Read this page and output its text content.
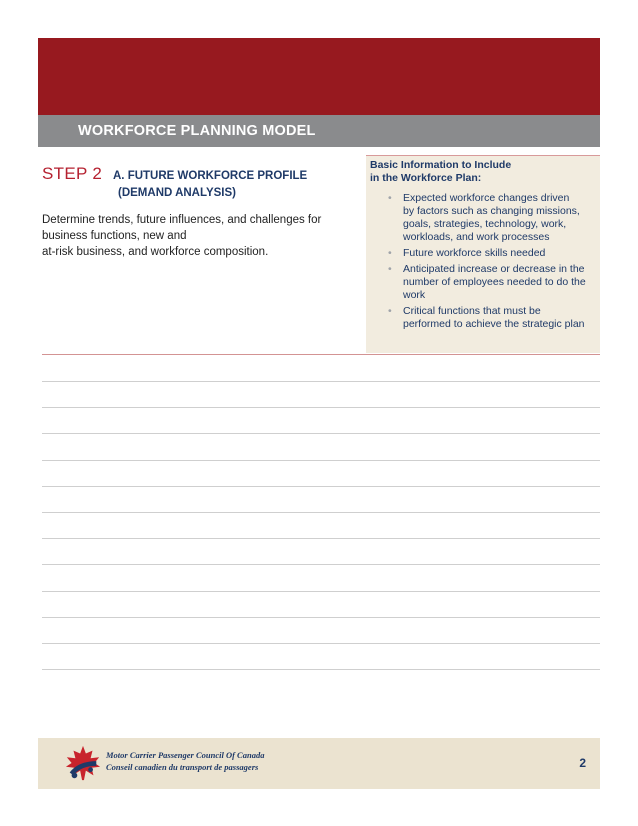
WORKFORCE PLANNING MODEL
STEP 2 A. FUTURE WORKFORCE PROFILE
(DEMAND ANALYSIS)
Determine trends, future influences, and challenges for
business functions, new and
at-risk business, and workforce composition.
Basic Information to Include
in the Workforce Plan:
• Expected workforce changes driven
by factors such as changing missions,
goals, strategies, technology, work,
workloads, and work processes
• Future workforce skills needed
• Anticipated increase or decrease in the
number of employees needed to do the
work
• Critical functions that must be
performed to achieve the strategic plan
Motor Carrier Passenger Council Of Canada
Conseil canadien du transport de passagers	2
